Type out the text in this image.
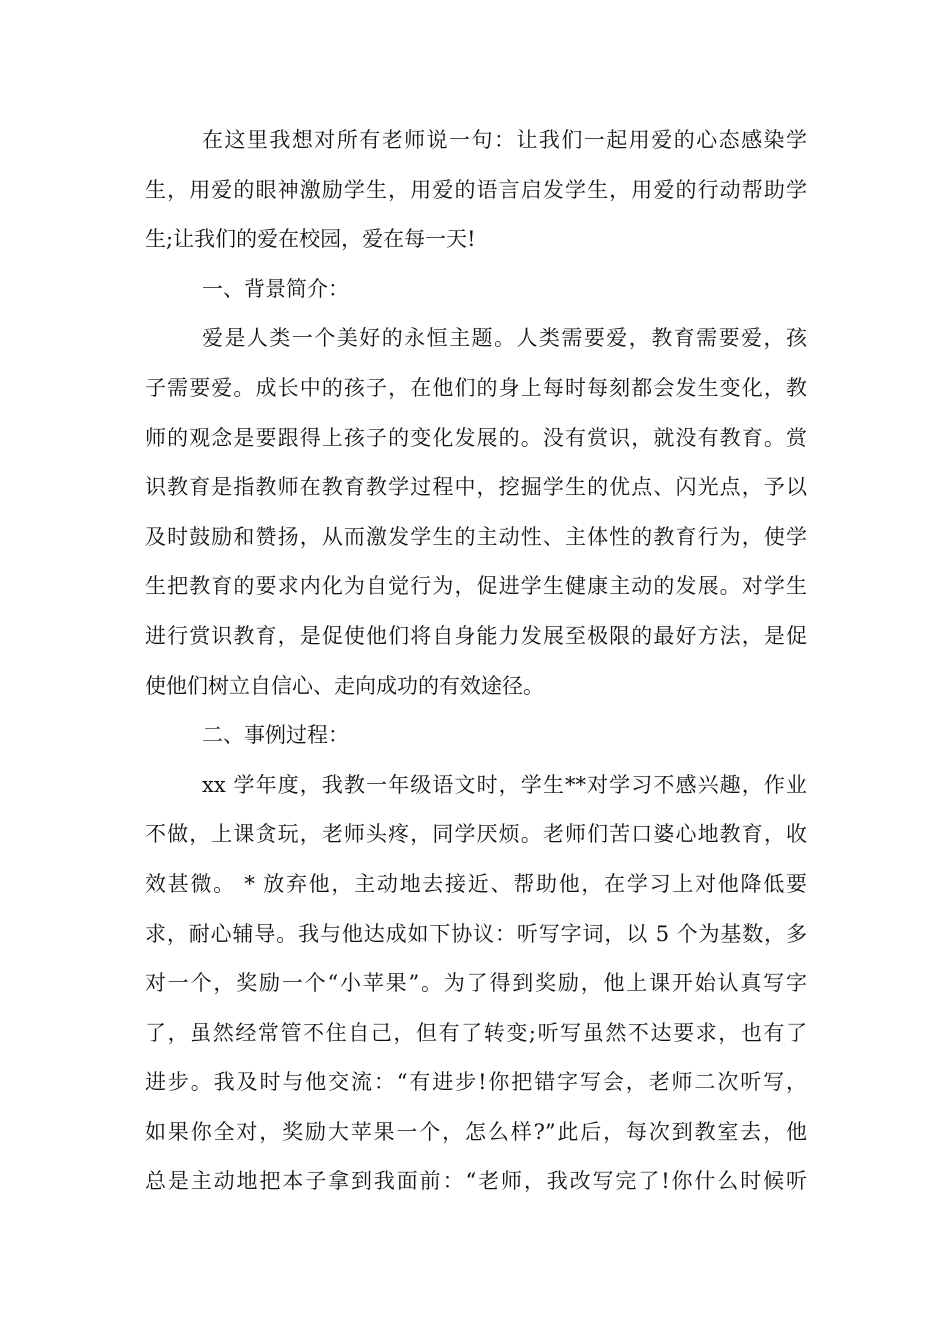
在这里我想对所有老师说一句：让我们一起用爱的心态感染学
生，用爱的眼神激励学生，用爱的语言启发学生，用爱的行动帮助学
生;让我们的爱在校园，爱在每一天!
一、背景简介：
爱是人类一个美好的永恒主题。人类需要爱，教育需要爱，孩
子需要爱。成长中的孩子，在他们的身上每时每刻都会发生变化，教
师的观念是要跟得上孩子的变化发展的。没有赏识，就没有教育。赏
识教育是指教师在教育教学过程中，挖掘学生的优点、闪光点，予以
及时鼓励和赞扬，从而激发学生的主动性、主体性的教育行为，使学
生把教育的要求内化为自觉行为，促进学生健康主动的发展。对学生
进行赏识教育，是促使他们将自身能力发展至极限的最好方法，是促
使他们树立自信心、走向成功的有效途径。
二、事例过程：
xx 学年度，我教一年级语文时，学生**对学习不感兴趣，作业
不做，上课贪玩，老师头疼，同学厌烦。老师们苦口婆心地教育，收
效甚微。 * 放弃他，主动地去接近、帮助他，在学习上对他降低要
求，耐心辅导。我与他达成如下协议：听写字词，以 5 个为基数，多
对一个，奖励一个“小苹果”。为了得到奖励，他上课开始认真写字
了，虽然经常管不住自己，但有了转变;听写虽然不达要求，也有了
进步。我及时与他交流：“有进步!你把错字写会，老师二次听写，
如果你全对，奖励大苹果一个，怎么样?”此后，每次到教室去，他
总是主动地把本子拿到我面前：“老师，我改写完了!你什么时候听
